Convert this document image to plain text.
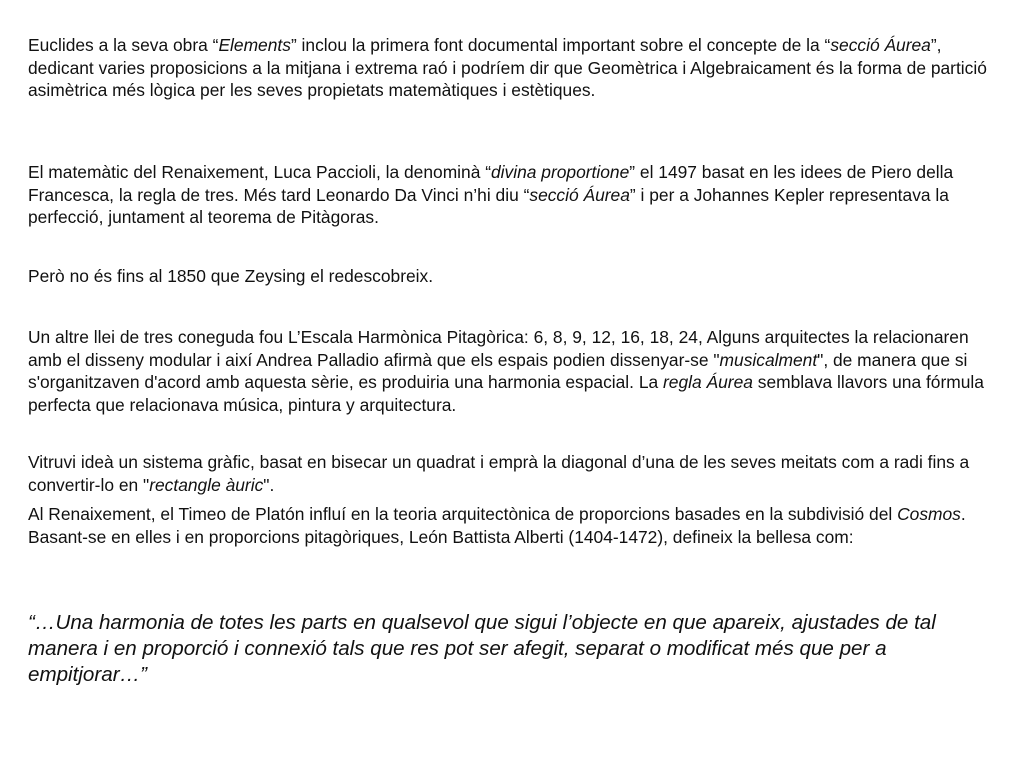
Euclides a la seva obra “Elements” inclou la primera font documental important sobre el concepte de la “secció Áurea”, dedicant varies proposicions a la mitjana i extrema raó i podríem dir que Geomètrica i Algebraicament és la forma de partició asimètrica més lògica per les seves propietats matemàtiques i estètiques.

El matemàtic del Renaixement, Luca Paccioli, la denominà “divina proportione” el 1497 basat en les idees de Piero della Francesca, la regla de tres. Més tard Leonardo Da Vinci n’hi diu “secció Áurea” i per a Johannes Kepler representava la perfecció, juntament al teorema de Pitàgoras.

Però no és fins al 1850 que Zeysing el redescobreix.

Un altre llei de tres coneguda fou L’Escala Harmònica Pitagòrica: 6, 8, 9, 12, 16, 18, 24, Alguns arquitectes la relacionaren amb el disseny modular i així Andrea Palladio afirmà que els espais podien dissenyar-se "musicalment", de manera que si s'organitzaven d'acord amb aquesta sèrie, es produiria una harmonia espacial. La regla Áurea semblava llavors una fórmula perfecta que relacionava música, pintura y arquitectura.

Vitruvi ideà un sistema gràfic, basat en bisecar un quadrat i emprà la diagonal d’una de les seves meitats com a radi fins a convertir-lo en "rectangle àuric".

Al Renaixement, el Timeo de Platón influí en la teoria arquitectònica de proporcions basades en la subdivisió del Cosmos. Basant-se en elles i en proporcions pitagòriques, León Battista Alberti (1404-1472), defineix la bellesa com:

“…Una harmonia de totes les parts en qualsevol que sigui l’objecte en que apareix, ajustades de tal manera i en proporció i connexió tals que res pot ser afegit, separat o modificat més que per a empitjorar…”
